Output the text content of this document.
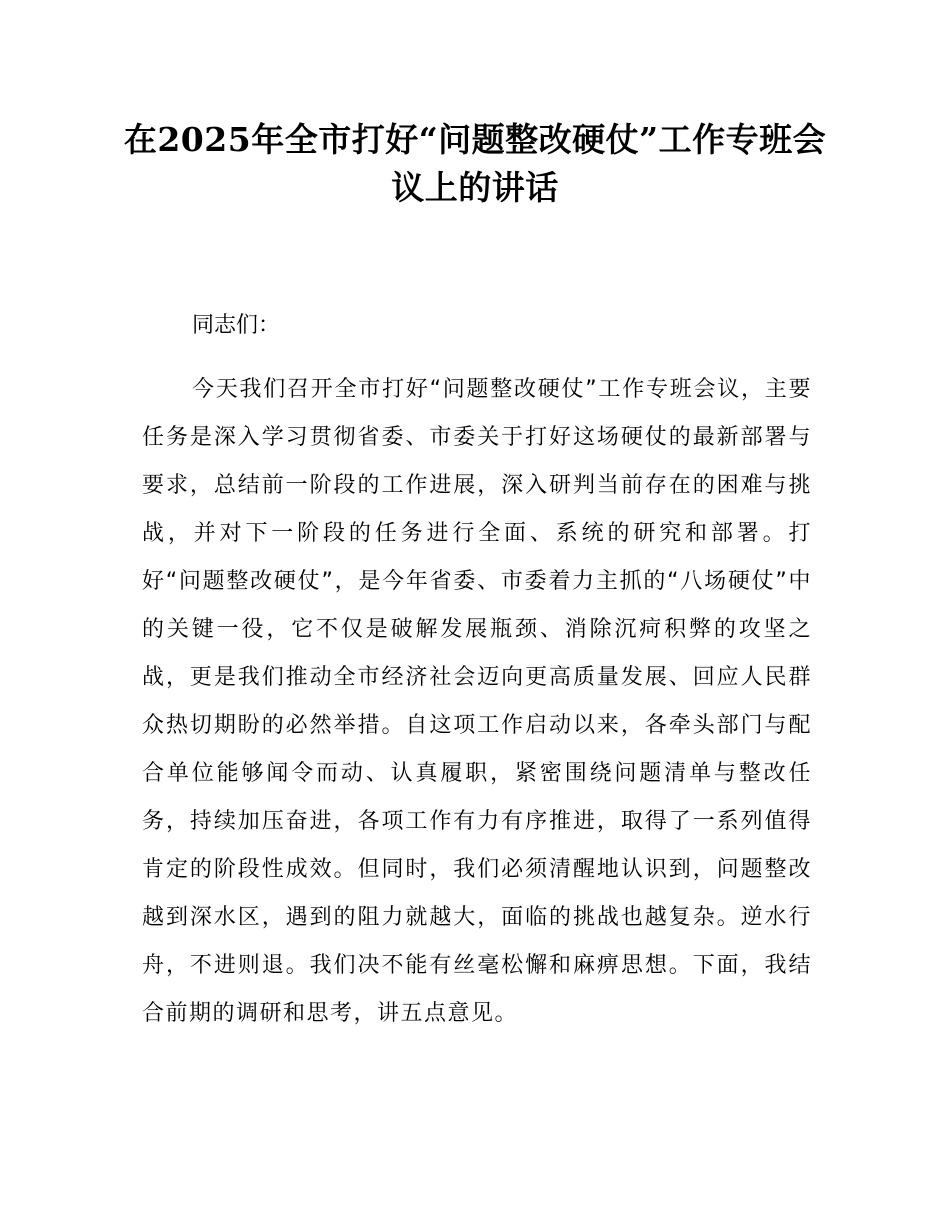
在2025年全市打好“问题整改硬仗”工作专班会议上的讲话

同志们：

今天我们召开全市打好“问题整改硬仗”工作专班会议，主要任务是深入学习贯彻省委、市委关于打好这场硬仗的最新部署与要求，总结前一阶段的工作进展，深入研判当前存在的困难与挑战，并对下一阶段的任务进行全面、系统的研究和部署。打好“问题整改硬仗”，是今年省委、市委着力主抓的“八场硬仗”中的关键一役，它不仅是破解发展瓶颈、消除沉疴积弊的攻坚之战，更是我们推动全市经济社会迈向更高质量发展、回应人民群众热切期盼的必然举措。自这项工作启动以来，各牵头部门与配合单位能够闻令而动、认真履职，紧密围绕问题清单与整改任务，持续加压奋进，各项工作有力有序推进，取得了一系列值得肯定的阶段性成效。但同时，我们必须清醒地认识到，问题整改越到深水区，遇到的阻力就越大，面临的挑战也越复杂。逆水行舟，不进则退。我们决不能有丝毫松懈和麻痹思想。下面，我结合前期的调研和思考，讲五点意见。
